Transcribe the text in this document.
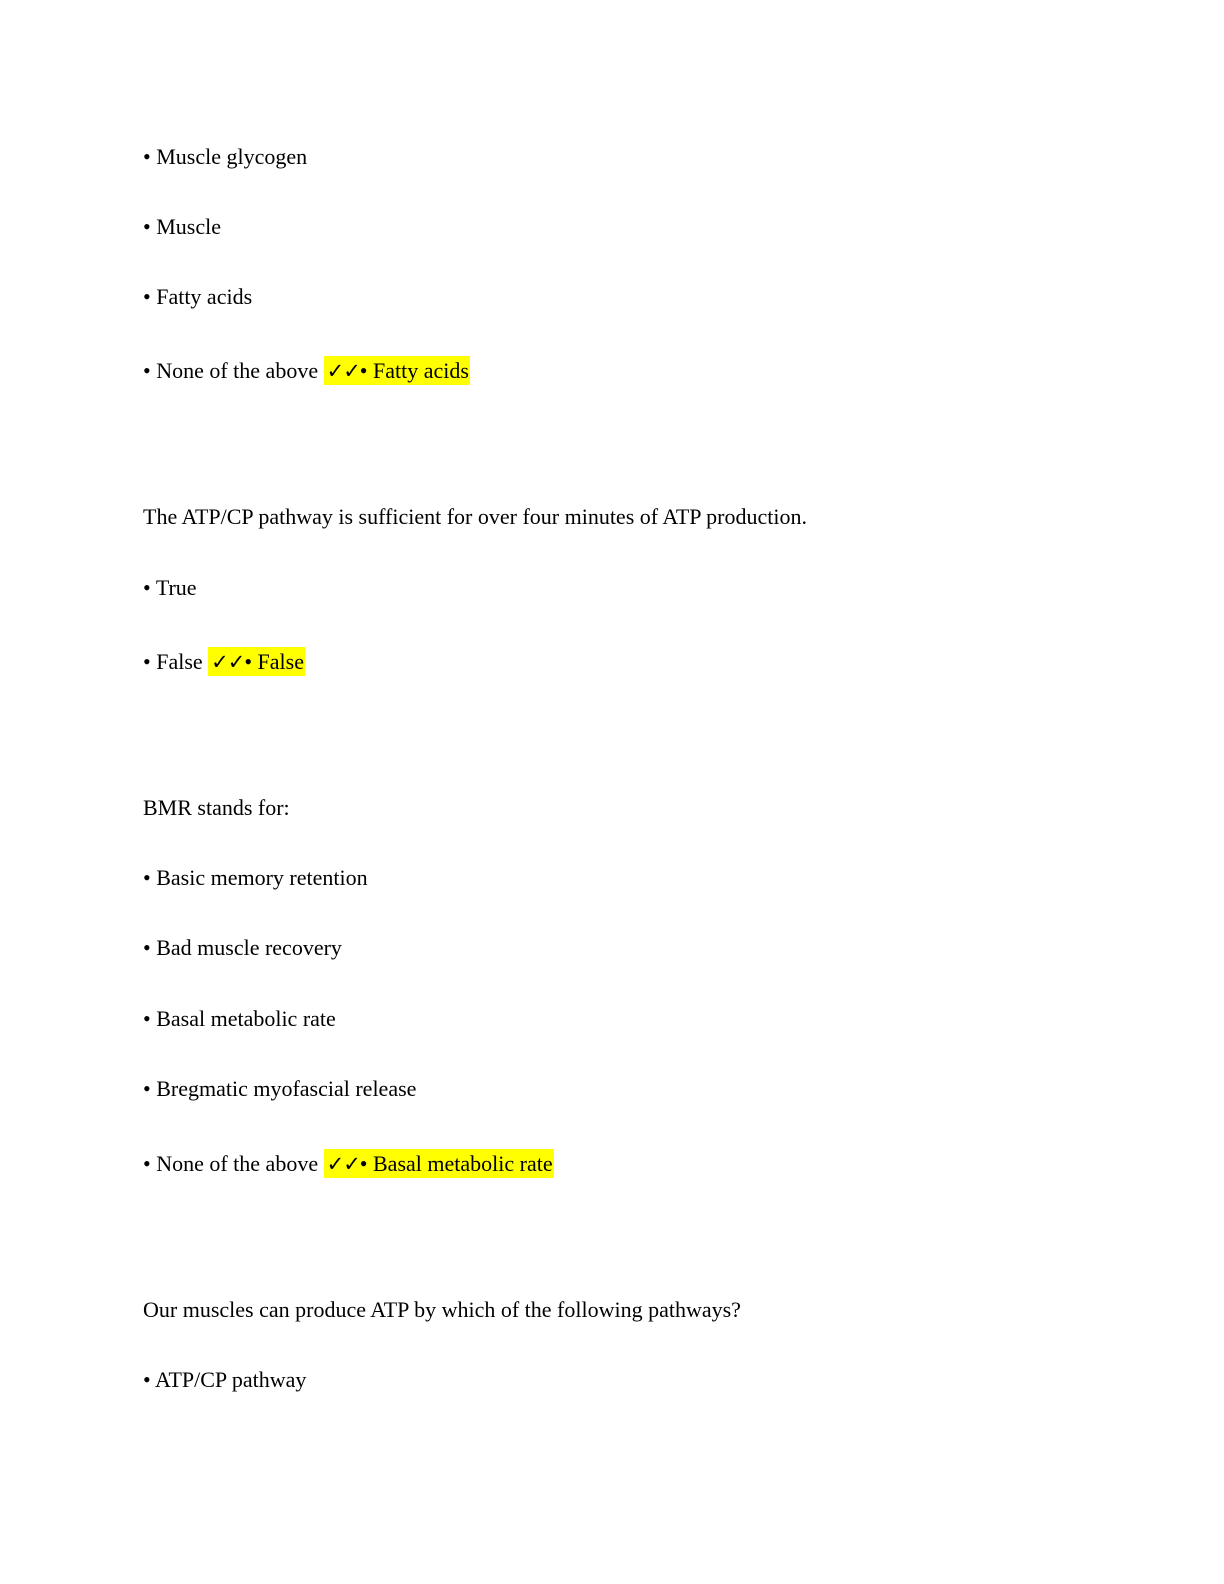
• Muscle glycogen
• Muscle
• Fatty acids
• None of the above ✓✓• Fatty acids
The ATP/CP pathway is sufficient for over four minutes of ATP production.
• True
• False ✓✓• False
BMR stands for:
• Basic memory retention
• Bad muscle recovery
• Basal metabolic rate
• Bregmatic myofascial release
• None of the above ✓✓• Basal metabolic rate
Our muscles can produce ATP by which of the following pathways?
• ATP/CP pathway
